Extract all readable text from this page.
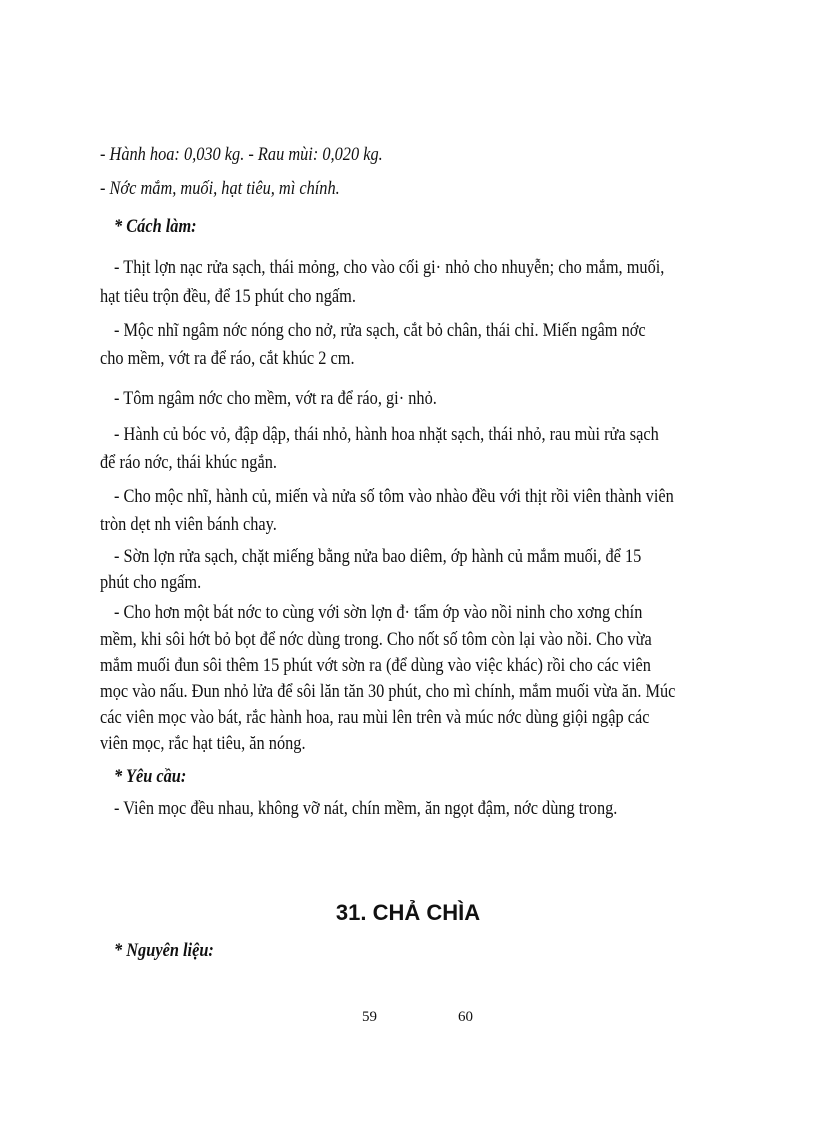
- Hành hoa: 0,030 kg. - Rau mùi: 0,020 kg.
- Nớc mắm, muối, hạt tiêu, mì chính.
* Cách làm:
- Thịt lợn nạc rửa sạch, thái mỏng, cho vào cối gi· nhỏ cho nhuyễn; cho mắm, muối,
hạt tiêu trộn đều, để 15 phút cho ngấm.
- Mộc nhĩ ngâm nớc nóng cho nở, rửa sạch, cắt bỏ chân, thái chỉ. Miến ngâm nớc
cho mềm, vớt ra để ráo, cắt khúc 2 cm.
- Tôm ngâm nớc cho mềm, vớt ra để ráo, gi· nhỏ.
- Hành củ bóc vỏ, đập dập, thái nhỏ, hành hoa nhặt sạch, thái nhỏ, rau mùi rửa sạch
để ráo nớc, thái khúc ngắn.
- Cho mộc nhĩ, hành củ, miến và nửa số tôm vào nhào đều với thịt rồi viên thành viên
tròn dẹt nh viên bánh chay.
- Sờn lợn rửa sạch, chặt miếng bằng nửa bao diêm, ớp hành củ mắm muối, để 15
phút cho ngấm.
- Cho hơn một bát nớc to cùng với sờn lợn đ· tẩm ớp vào nồi ninh cho xơng chín
mềm, khi sôi hớt bỏ bọt để nớc dùng trong. Cho nốt số tôm còn lại vào nồi. Cho vừa
mắm muối đun sôi thêm 15 phút vớt sờn ra (để dùng vào việc khác) rồi cho các viên
mọc vào nấu. Đun nhỏ lửa để sôi lăn tăn 30 phút, cho mì chính, mắm muối vừa ăn. Múc
các viên mọc vào bát, rắc hành hoa, rau mùi lên trên và múc nớc dùng giội ngập các
viên mọc, rắc hạt tiêu, ăn nóng.
* Yêu cầu:
- Viên mọc đều nhau, không vỡ nát, chín mềm, ăn ngọt đậm, nớc dùng trong.
31. CHẢ CHÌA
* Nguyên liệu:
59	60
